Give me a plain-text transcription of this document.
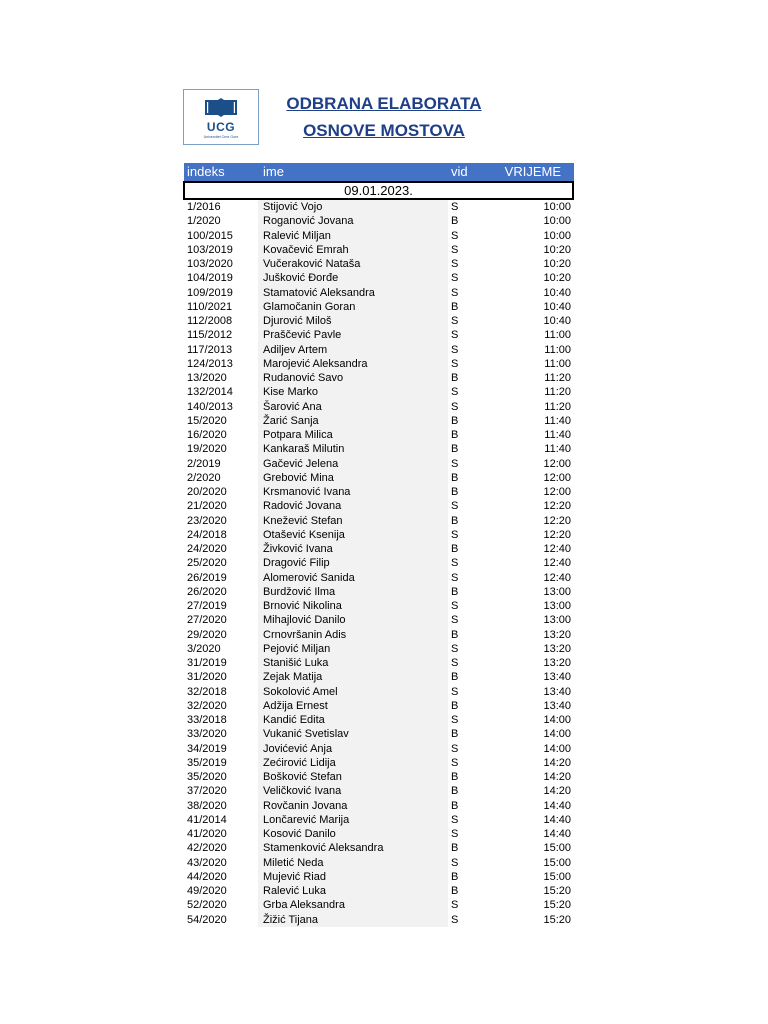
UCG
Univerzitet Crne Gore
ODBRANA ELABORATA
OSNOVE MOSTOVA
indeks	ime	vid	VRIJEME
09.01.2023.
1/2016	Stijović Vojo	S	10:00
1/2020	Roganović Jovana	B	10:00
100/2015	Ralević Miljan	S	10:00
103/2019	Kovačević Emrah	S	10:20
103/2020	Vučeraković Nataša	S	10:20
104/2019	Jušković Đorđe	S	10:20
109/2019	Stamatović Aleksandra	S	10:40
110/2021	Glamočanin Goran	B	10:40
112/2008	Djurović Miloš	S	10:40
115/2012	Praščević Pavle	S	11:00
117/2013	Adiljev Artem	S	11:00
124/2013	Marojević Aleksandra	S	11:00
13/2020	Rudanović Savo	B	11:20
132/2014	Kise Marko	S	11:20
140/2013	Šarović Ana	S	11:20
15/2020	Žarić Sanja	B	11:40
16/2020	Potpara Milica	B	11:40
19/2020	Kankaraš Milutin	B	11:40
2/2019	Gačević Jelena	S	12:00
2/2020	Grebović Mina	B	12:00
20/2020	Krsmanović Ivana	B	12:00
21/2020	Radović Jovana	S	12:20
23/2020	Knežević Stefan	B	12:20
24/2018	Otašević Ksenija	S	12:20
24/2020	Živković Ivana	B	12:40
25/2020	Dragović Filip	S	12:40
26/2019	Alomerović Sanida	S	12:40
26/2020	Burdžović Ilma	B	13:00
27/2019	Brnović Nikolina	S	13:00
27/2020	Mihajlović Danilo	S	13:00
29/2020	Crnovršanin Adis	B	13:20
3/2020	Pejović Miljan	S	13:20
31/2019	Stanišić Luka	S	13:20
31/2020	Zejak Matija	B	13:40
32/2018	Sokolović Amel	S	13:40
32/2020	Adžija Ernest	B	13:40
33/2018	Kandić Edita	S	14:00
33/2020	Vukanić Svetislav	B	14:00
34/2019	Jovićević Anja	S	14:00
35/2019	Zećirović Lidija	S	14:20
35/2020	Bošković Stefan	B	14:20
37/2020	Veličković Ivana	B	14:20
38/2020	Rovčanin Jovana	B	14:40
41/2014	Lončarević Marija	S	14:40
41/2020	Kosović Danilo	S	14:40
42/2020	Stamenković Aleksandra	B	15:00
43/2020	Miletić Neda	S	15:00
44/2020	Mujević Riad	B	15:00
49/2020	Ralević Luka	B	15:20
52/2020	Grba Aleksandra	S	15:20
54/2020	Žižić Tijana	S	15:20
